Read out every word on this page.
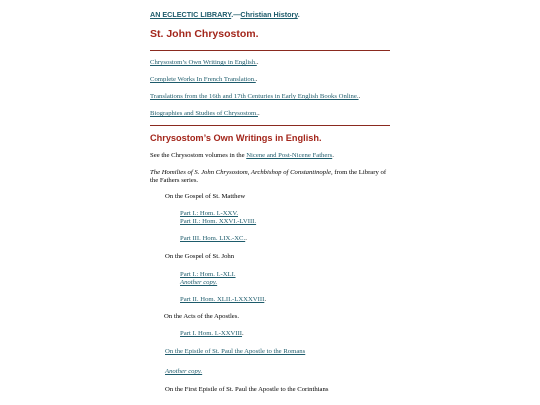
AN ECLECTIC LIBRARY.—Christian History.
St. John Chrysostom.
Chrysostom’s Own Writings in English..
Complete Works In French Translation..
Translations from the 16th and 17th Centuries in Early English Books Online..
Biographies and Studies of Chrysostom..
Chrysostom’s Own Writings in English.

See the Chrysostom volumes in the Nicene and Post-Nicene Fathers.

The Homilies of S. John Chrysostom, Archbishop of Constantinople, from the Library of the Fathers series.

On the Gospel of St. Matthew
Part I.: Hom. I.-XXV.
Part II.: Hom. XXVI.-LVIII.
Part III. Hom. LIX.-XC..
On the Gospel of St. John
Part I.: Hom. I.-XLI.
Another copy.
Part II. Hom. XLII.-LXXXVIII.
On the Acts of the Apostles.
Part I. Hom. I.-XXVIII.
On the Epistle of St. Paul the Apostle to the Romans
Another copy.
On the First Epistle of St. Paul the Apostle to the Corinthians
